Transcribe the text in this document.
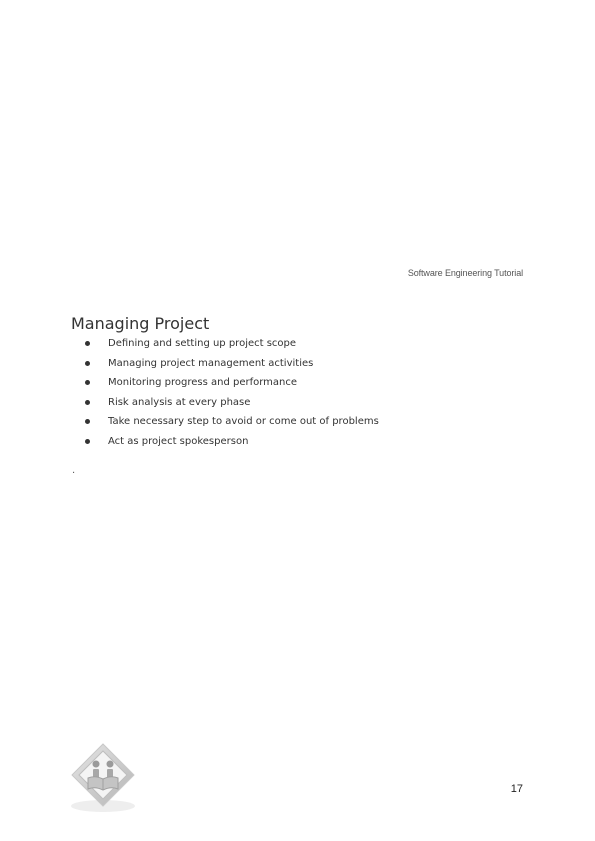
Software Engineering Tutorial
Managing Project
Defining and setting up project scope
Managing project management activities
Monitoring progress and performance
Risk analysis at every phase
Take necessary step to avoid or come out of problems
Act as project spokesperson
.
17
